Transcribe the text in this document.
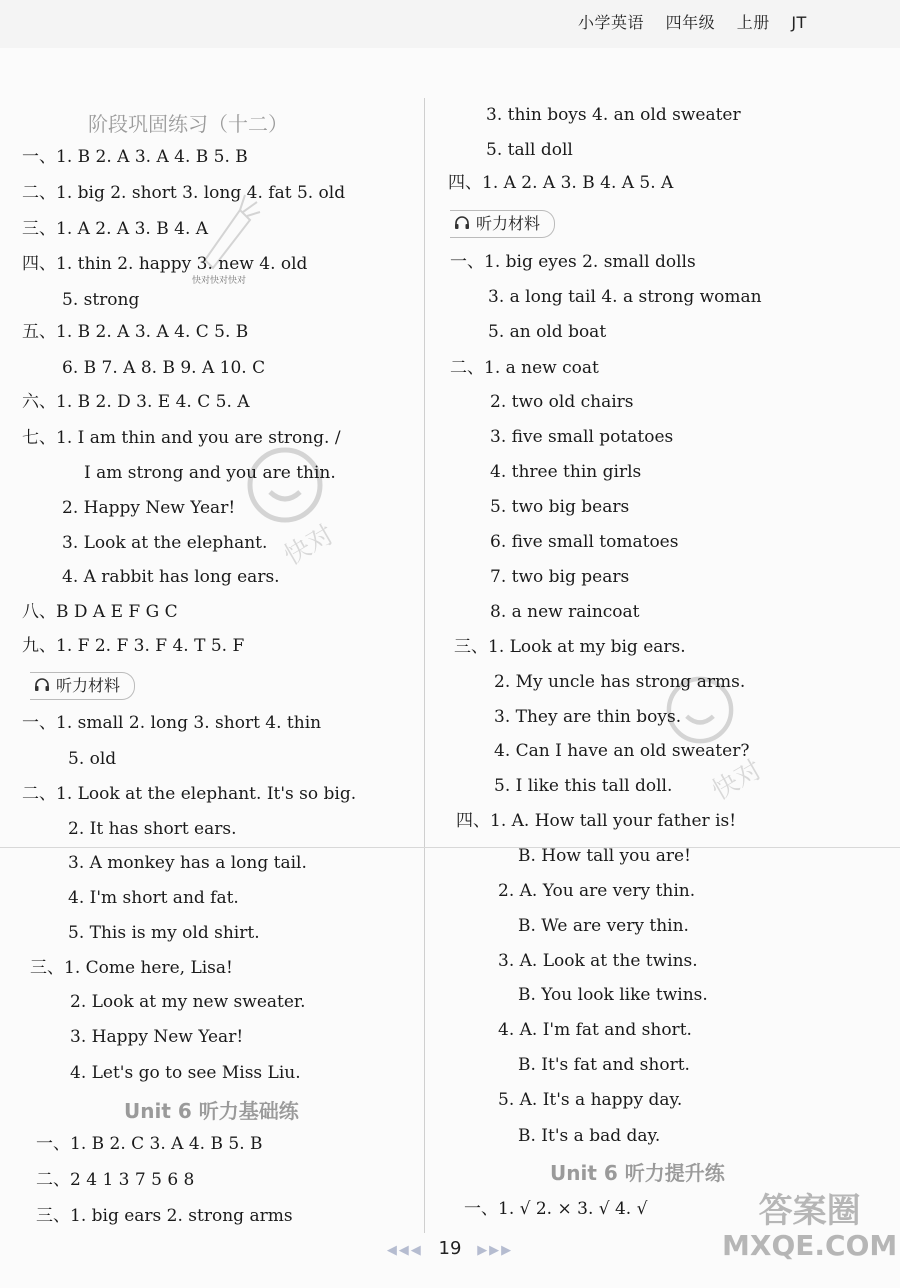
小学英语 四年级 上册 JT
阶段巩固练习（十二）
一、1. B 2. A 3. A 4. B 5. B
二、1. big 2. short 3. long 4. fat 5. old
三、1. A 2. A 3. B 4. A
四、1. thin 2. happy 3. new 4. old
5. strong
五、1. B 2. A 3. A 4. C 5. B
6. B 7. A 8. B 9. A 10. C
六、1. B 2. D 3. E 4. C 5. A
七、1. I am thin and you are strong. /
I am strong and you are thin.
2. Happy New Year!
3. Look at the elephant.
4. A rabbit has long ears.
八、B D A E F G C
九、1. F 2. F 3. F 4. T 5. F
听力材料
一、1. small 2. long 3. short 4. thin
5. old
二、1. Look at the elephant. It's so big.
2. It has short ears.
3. A monkey has a long tail.
4. I'm short and fat.
5. This is my old shirt.
三、1. Come here, Lisa!
2. Look at my new sweater.
3. Happy New Year!
4. Let's go to see Miss Liu.
Unit 6 听力基础练
一、1. B 2. C 3. A 4. B 5. B
二、2 4 1 3 7 5 6 8
三、1. big ears 2. strong arms
3. thin boys 4. an old sweater
5. tall doll
四、1. A 2. A 3. B 4. A 5. A
听力材料
一、1. big eyes 2. small dolls
3. a long tail 4. a strong woman
5. an old boat
二、1. a new coat
2. two old chairs
3. five small potatoes
4. three thin girls
5. two big bears
6. five small tomatoes
7. two big pears
8. a new raincoat
三、1. Look at my big ears.
2. My uncle has strong arms.
3. They are thin boys.
4. Can I have an old sweater?
5. I like this tall doll.
四、1. A. How tall your father is!
B. How tall you are!
2. A. You are very thin.
B. We are very thin.
3. A. Look at the twins.
B. You look like twins.
4. A. I'm fat and short.
B. It's fat and short.
5. A. It's a happy day.
B. It's a bad day.
Unit 6 听力提升练
一、1. √ 2. × 3. √ 4. √
快对快对快对
快对
快对
答案圈
MXQE.COM
◀◀◀ 19 ▶▶▶
